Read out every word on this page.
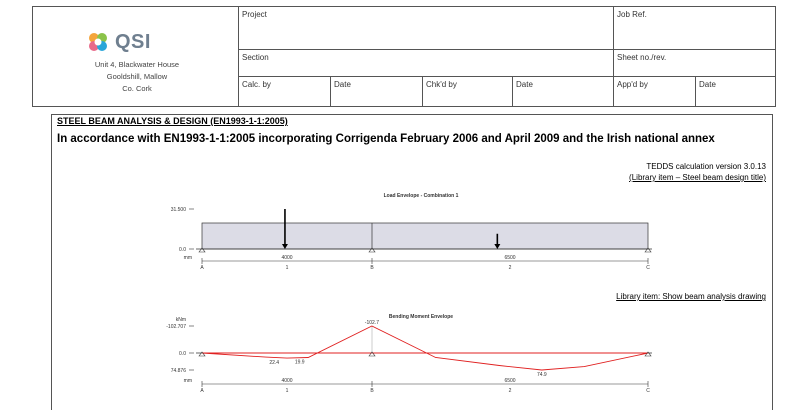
QSI
Unit 4, Blackwater House
Gooldshill, Mallow
Co. Cork
Project	Job Ref.
Section	Sheet no./rev.
Calc. by	Date	Chk'd by	Date	App'd by	Date
STEEL BEAM ANALYSIS & DESIGN (EN1993-1-1:2005)
In accordance with EN1993-1-1:2005 incorporating Corrigenda February 2006 and April 2009 and the Irish national annex
TEDDS calculation version 3.0.13
(Library item – Steel beam design title)
Library item: Show beam analysis drawing
Load Envelope - Combination 1
31.500
0.0
mm	4000	6500
A	1	B	2	C
Bending Moment Envelope
kNm
-102.707
0.0
74.876
-102.7
22.4	19.9
74.9
mm	4000	6500
A	1	B	2	C
